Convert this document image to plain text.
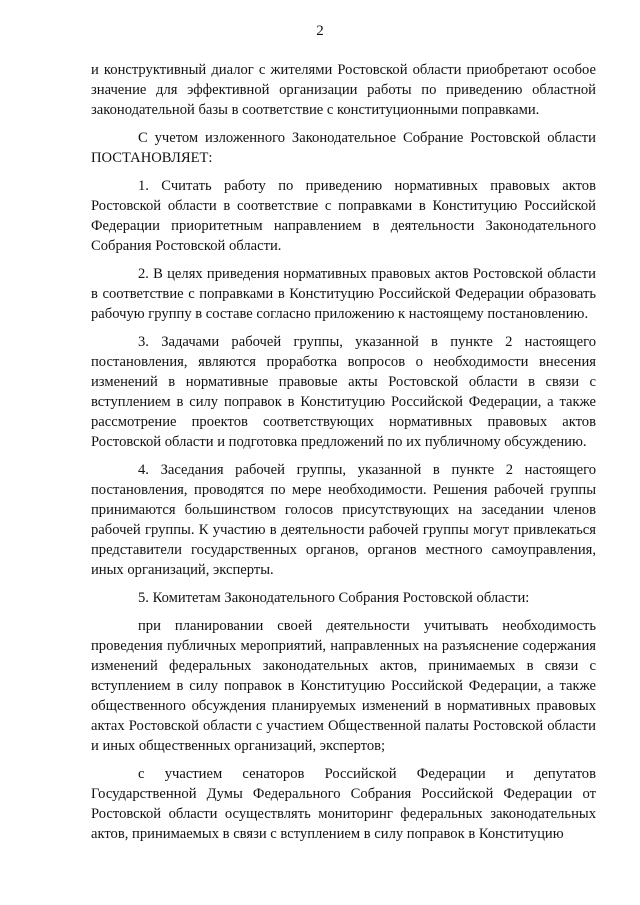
2

и конструктивный диалог с жителями Ростовской области приобретают особое значение для эффективной организации работы по приведению областной законодательной базы в соответствие с конституционными поправками.

С учетом изложенного Законодательное Собрание Ростовской области ПОСТАНОВЛЯЕТ:

1. Считать работу по приведению нормативных правовых актов Ростовской области в соответствие с поправками в Конституцию Российской Федерации приоритетным направлением в деятельности Законодательного Собрания Ростовской области.

2. В целях приведения нормативных правовых актов Ростовской области в соответствие с поправками в Конституцию Российской Федерации образовать рабочую группу в составе согласно приложению к настоящему постановлению.

3. Задачами рабочей группы, указанной в пункте 2 настоящего постановления, являются проработка вопросов о необходимости внесения изменений в нормативные правовые акты Ростовской области в связи с вступлением в силу поправок в Конституцию Российской Федерации, а также рассмотрение проектов соответствующих нормативных правовых актов Ростовской области и подготовка предложений по их публичному обсуждению.

4. Заседания рабочей группы, указанной в пункте 2 настоящего постановления, проводятся по мере необходимости. Решения рабочей группы принимаются большинством голосов присутствующих на заседании членов рабочей группы. К участию в деятельности рабочей группы могут привлекаться представители государственных органов, органов местного самоуправления, иных организаций, эксперты.

5. Комитетам Законодательного Собрания Ростовской области:

при планировании своей деятельности учитывать необходимость проведения публичных мероприятий, направленных на разъяснение содержания изменений федеральных законодательных актов, принимаемых в связи с вступлением в силу поправок в Конституцию Российской Федерации, а также общественного обсуждения планируемых изменений в нормативных правовых актах Ростовской области с участием Общественной палаты Ростовской области и иных общественных организаций, экспертов;

с участием сенаторов Российской Федерации и депутатов Государственной Думы Федерального Собрания Российской Федерации от Ростовской области осуществлять мониторинг федеральных законодательных актов, принимаемых в связи с вступлением в силу поправок в Конституцию
